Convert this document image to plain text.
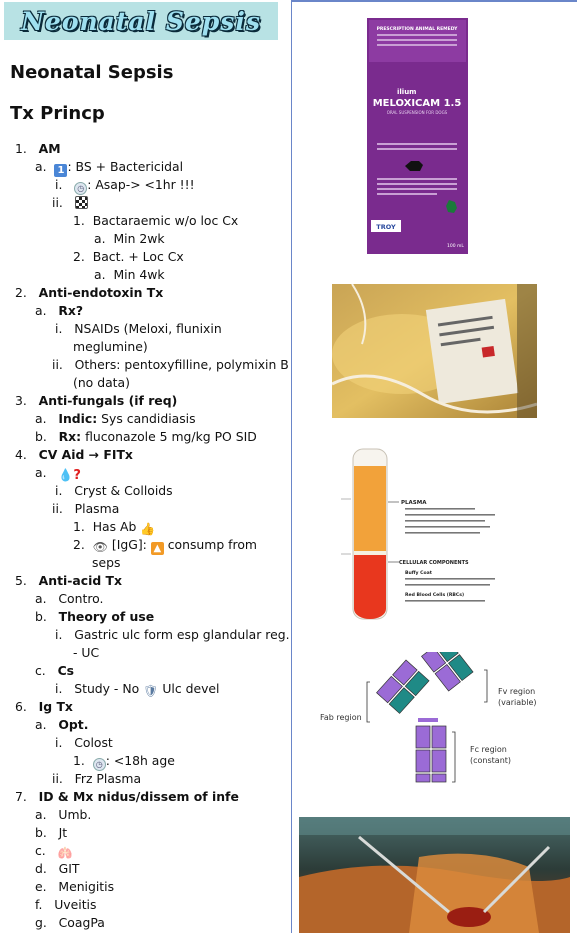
Neonatal Sepsis
Neonatal Sepsis
Tx Princp
1. AM
a. 1 : BS + Bactericidal
i. ◷ : Asap-> <1hr !!!
ii.
1. Bactaraemic w/o loc Cx
a. Min 2wk
2. Bact. + Loc Cx
a. Min 4wk
2. Anti-endotoxin Tx
a. Rx?
i. NSAIDs (Meloxi, flunixin
meglumine)
ii. Others: pentoxyfilline, polymixin B
(no data)
3. Anti-fungals (if req)
a. Indic: Sys candidiasis
b. Rx: fluconazole 5 mg/kg PO SID
4. CV Aid → FITx
a. 💧?
i. Cryst & Colloids
ii. Plasma
1. Has Ab 👍
2. 👁 [IgG]: ▲ consump from
seps
5. Anti-acid Tx
a. Contro.
b. Theory of use
i. Gastric ulc form esp glandular reg.
- UC
c. Cs
i. Study - No 🛡 Ulc devel
6. Ig Tx
a. Opt.
i. Colost
1. ◷ : <18h age
ii. Frz Plasma
7. ID & Mx nidus/dissem of infe
a. Umb.
b. Jt
c. 🫁
d. GIT
e. Menigitis
f. Uveitis
g. CoagPa
PRESCRIPTION ANIMAL REMEDY
ilium
MELOXICAM 1.5
ORAL SUSPENSION FOR DOGS
TROY
100 mL
PLASMA
CELLULAR COMPONENTS
Buffy Coat
Red Blood Cells (RBCs)
Fab region
Fv region
(variable)
Fc region
(constant)
